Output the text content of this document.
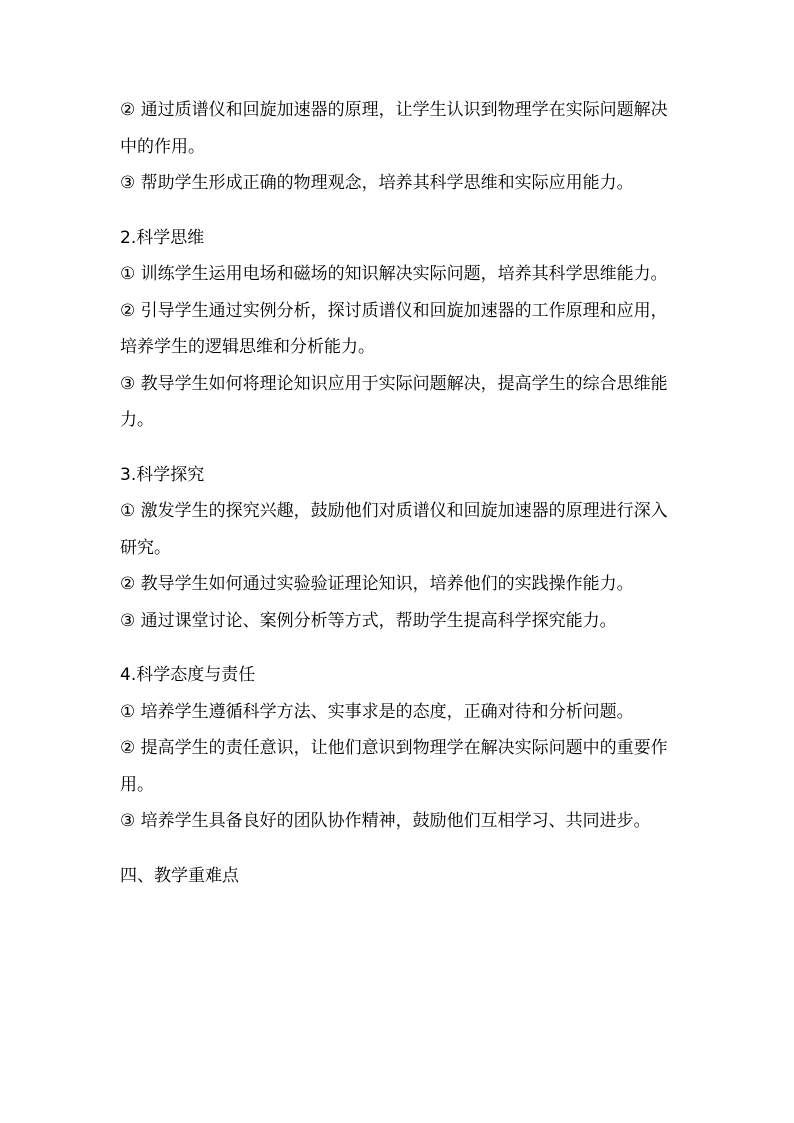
② 通过质谱仪和回旋加速器的原理，让学生认识到物理学在实际问题解决中的作用。

③ 帮助学生形成正确的物理观念，培养其科学思维和实际应用能力。

2.科学思维

① 训练学生运用电场和磁场的知识解决实际问题，培养其科学思维能力。

② 引导学生通过实例分析，探讨质谱仪和回旋加速器的工作原理和应用，培养学生的逻辑思维和分析能力。

③ 教导学生如何将理论知识应用于实际问题解决，提高学生的综合思维能力。

3.科学探究

① 激发学生的探究兴趣，鼓励他们对质谱仪和回旋加速器的原理进行深入研究。

② 教导学生如何通过实验验证理论知识，培养他们的实践操作能力。

③ 通过课堂讨论、案例分析等方式，帮助学生提高科学探究能力。

4.科学态度与责任

① 培养学生遵循科学方法、实事求是的态度，正确对待和分析问题。

② 提高学生的责任意识，让他们意识到物理学在解决实际问题中的重要作用。

③ 培养学生具备良好的团队协作精神，鼓励他们互相学习、共同进步。

四、教学重难点
